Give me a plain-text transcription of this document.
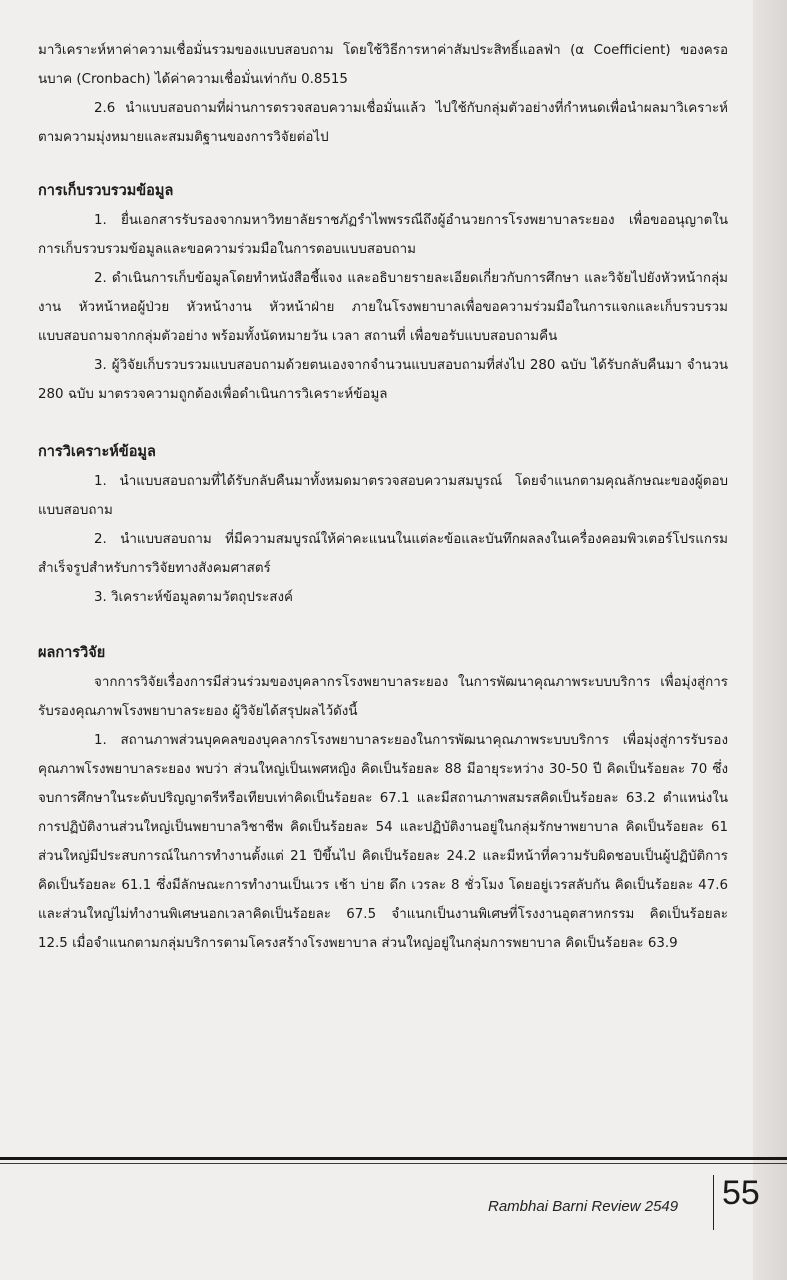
มาวิเคราะห์หาค่าความเชื่อมั่นรวมของแบบสอบถาม โดยใช้วิธีการหาค่าสัมประสิทธิ์แอลฟ่า (α Coefficient) ของครอนบาค (Cronbach) ได้ค่าความเชื่อมั่นเท่ากับ 0.8515

2.6 นำแบบสอบถามที่ผ่านการตรวจสอบความเชื่อมั่นแล้ว ไปใช้กับกลุ่มตัวอย่างที่กำหนดเพื่อนำผลมาวิเคราะห์ตามความมุ่งหมายและสมมติฐานของการวิจัยต่อไป

การเก็บรวบรวมข้อมูล

1. ยื่นเอกสารรับรองจากมหาวิทยาลัยราชภัฏรำไพพรรณีถึงผู้อำนวยการโรงพยาบาลระยอง เพื่อขออนุญาตในการเก็บรวบรวมข้อมูลและขอความร่วมมือในการตอบแบบสอบถาม

2. ดำเนินการเก็บข้อมูลโดยทำหนังสือชี้แจง และอธิบายรายละเอียดเกี่ยวกับการศึกษา และวิจัยไปยังหัวหน้ากลุ่มงาน หัวหน้าหอผู้ป่วย หัวหน้างาน หัวหน้าฝ่าย ภายในโรงพยาบาลเพื่อขอความร่วมมือในการแจกและเก็บรวบรวมแบบสอบถามจากกลุ่มตัวอย่าง พร้อมทั้งนัดหมายวัน เวลา สถานที่ เพื่อขอรับแบบสอบถามคืน

3. ผู้วิจัยเก็บรวบรวมแบบสอบถามด้วยตนเองจากจำนวนแบบสอบถามที่ส่งไป 280 ฉบับ ได้รับกลับคืนมา จำนวน 280 ฉบับ มาตรวจความถูกต้องเพื่อดำเนินการวิเคราะห์ข้อมูล

การวิเคราะห์ข้อมูล

1. นำแบบสอบถามที่ได้รับกลับคืนมาทั้งหมดมาตรวจสอบความสมบูรณ์ โดยจำแนกตามคุณลักษณะของผู้ตอบแบบสอบถาม

2. นำแบบสอบถาม ที่มีความสมบูรณ์ให้ค่าคะแนนในแต่ละข้อและบันทึกผลลงในเครื่องคอมพิวเตอร์โปรแกรมสำเร็จรูปสำหรับการวิจัยทางสังคมศาสตร์

3. วิเคราะห์ข้อมูลตามวัตถุประสงค์

ผลการวิจัย

จากการวิจัยเรื่องการมีส่วนร่วมของบุคลากรโรงพยาบาลระยอง ในการพัฒนาคุณภาพระบบบริการ เพื่อมุ่งสู่การรับรองคุณภาพโรงพยาบาลระยอง ผู้วิจัยได้สรุปผลไว้ดังนี้

1. สถานภาพส่วนบุคคลของบุคลากรโรงพยาบาลระยองในการพัฒนาคุณภาพระบบบริการ เพื่อมุ่งสู่การรับรองคุณภาพโรงพยาบาลระยอง พบว่า ส่วนใหญ่เป็นเพศหญิง คิดเป็นร้อยละ 88 มีอายุระหว่าง 30-50 ปี คิดเป็นร้อยละ 70 ซึ่งจบการศึกษาในระดับปริญญาตรีหรือเทียบเท่าคิดเป็นร้อยละ 67.1 และมีสถานภาพสมรสคิดเป็นร้อยละ 63.2 ตำแหน่งในการปฏิบัติงานส่วนใหญ่เป็นพยาบาลวิชาชีพ คิดเป็นร้อยละ 54 และปฏิบัติงานอยู่ในกลุ่มรักษาพยาบาล คิดเป็นร้อยละ 61 ส่วนใหญ่มีประสบการณ์ในการทำงานตั้งแต่ 21 ปีขึ้นไป คิดเป็นร้อยละ 24.2 และมีหน้าที่ความรับผิดชอบเป็นผู้ปฏิบัติการคิดเป็นร้อยละ 61.1 ซึ่งมีลักษณะการทำงานเป็นเวร เช้า บ่าย ดึก เวรละ 8 ชั่วโมง โดยอยู่เวรสลับกัน คิดเป็นร้อยละ 47.6 และส่วนใหญ่ไม่ทำงานพิเศษนอกเวลาคิดเป็นร้อยละ 67.5 จำแนกเป็นงานพิเศษที่โรงงานอุตสาหกรรม คิดเป็นร้อยละ 12.5 เมื่อจำแนกตามกลุ่มบริการตามโครงสร้างโรงพยาบาล ส่วนใหญ่อยู่ในกลุ่มการพยาบาล คิดเป็นร้อยละ 63.9

Rambhai Barni Review 2549 55
